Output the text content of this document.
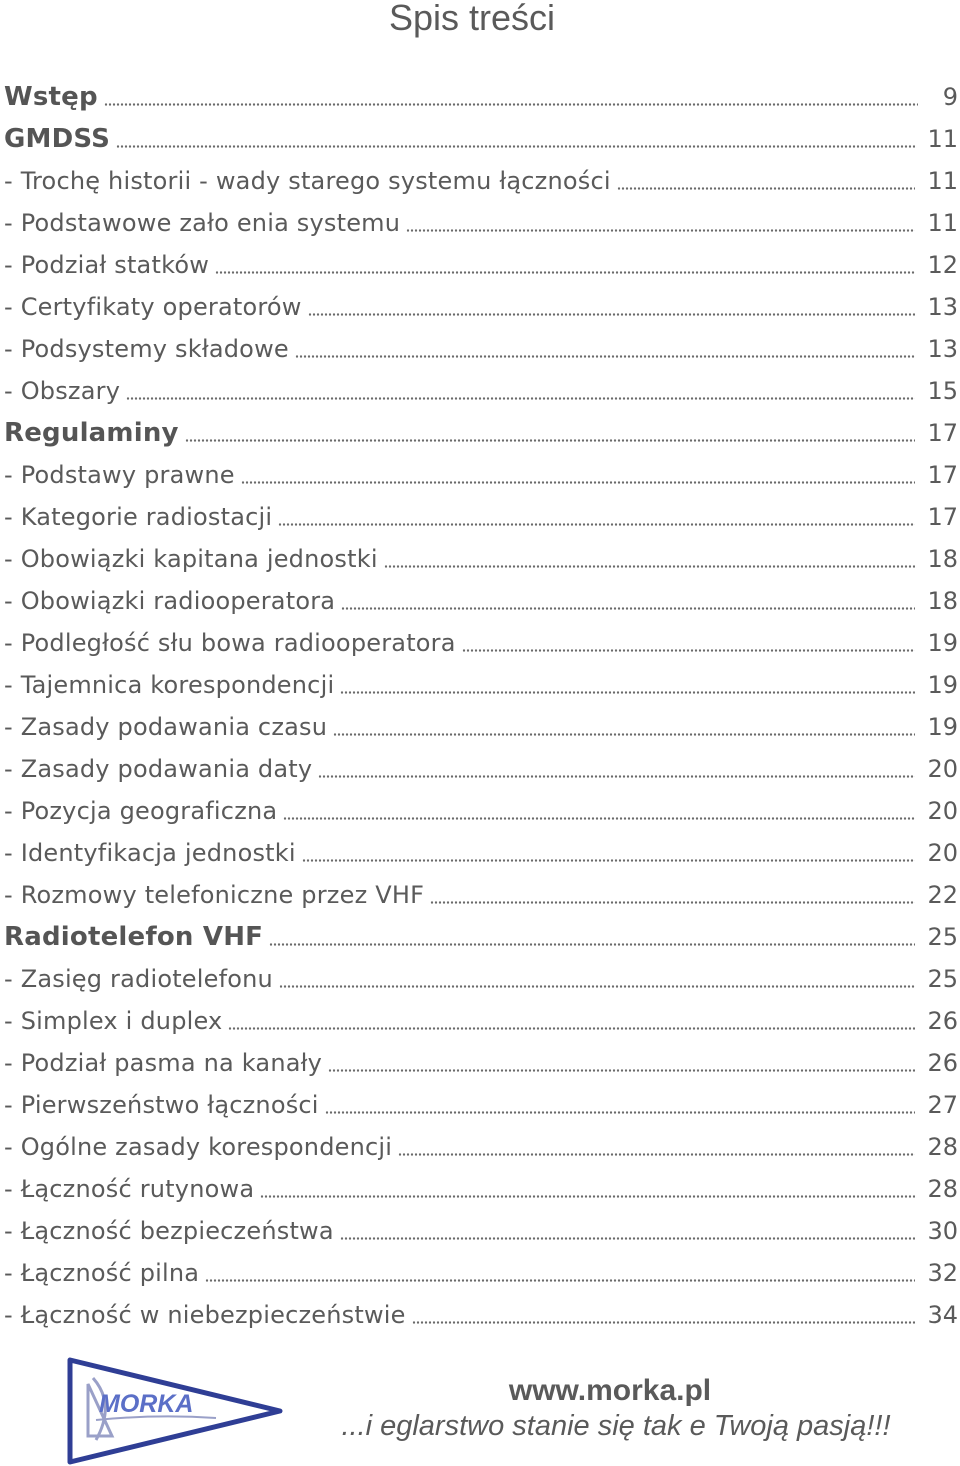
Spis treści
Wstęp	9
GMDSS	11
- Trochę historii - wady starego systemu łączności	11
- Podstawowe zało enia systemu	11
- Podział statków	12
- Certyfikaty operatorów	13
- Podsystemy składowe	13
- Obszary	15
Regulaminy	17
- Podstawy prawne	17
- Kategorie radiostacji	17
- Obowiązki kapitana jednostki	18
- Obowiązki radiooperatora	18
- Podległość słu bowa radiooperatora	19
- Tajemnica korespondencji	19
- Zasady podawania czasu	19
- Zasady podawania daty	20
- Pozycja geograficzna	20
- Identyfikacja jednostki	20
- Rozmowy telefoniczne przez VHF	22
Radiotelefon VHF	25
- Zasięg radiotelefonu	25
- Simplex i duplex	26
- Podział pasma na kanały	26
- Pierwszeństwo łączności	27
- Ogólne zasady korespondencji	28
- Łączność rutynowa	28
- Łączność bezpieczeństwa	30
- Łączność pilna	32
- Łączność w niebezpieczeństwie	34
MORKA	www.morka.pl
...i eglarstwo stanie się tak e Twoją pasją!!!
